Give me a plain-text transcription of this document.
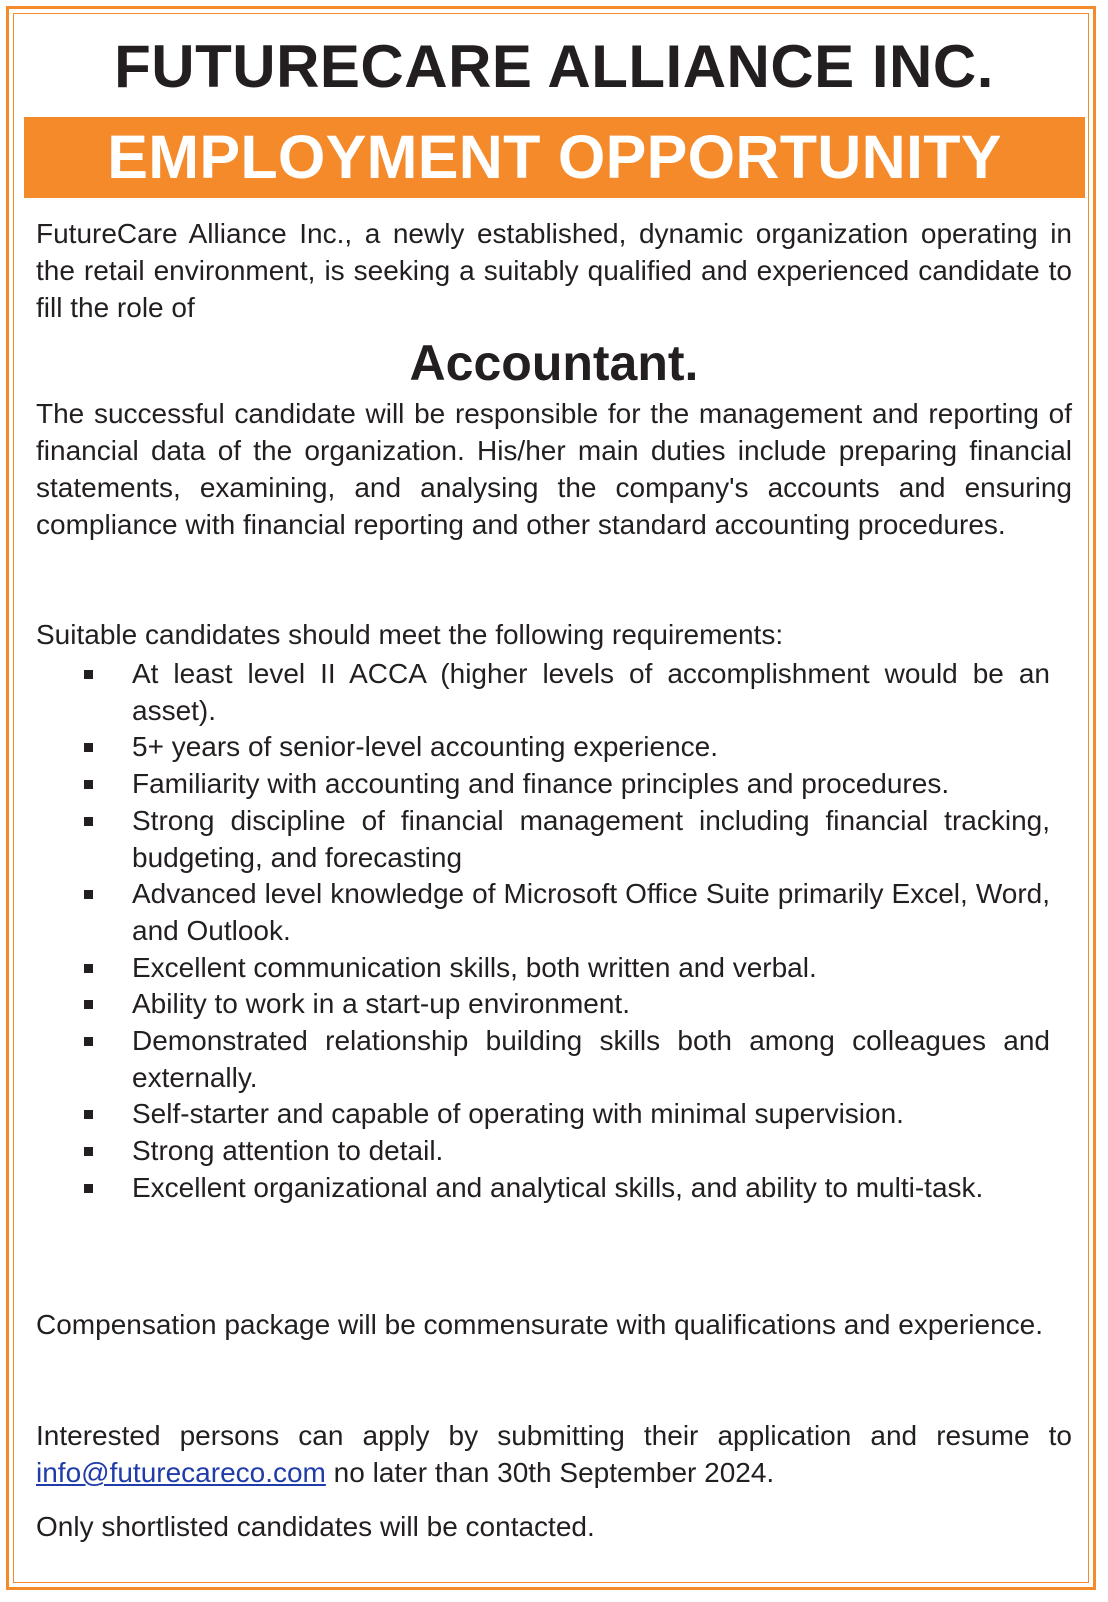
FUTURECARE ALLIANCE INC.
EMPLOYMENT OPPORTUNITY
FutureCare Alliance Inc., a newly established, dynamic organization operating in the retail environment, is seeking a suitably qualified and experienced candidate to fill the role of
Accountant.
The successful candidate will be responsible for the management and reporting of financial data of the organization. His/her main duties include preparing financial statements, examining, and analysing the company's accounts and ensuring compliance with financial reporting and other standard accounting procedures.
Suitable candidates should meet the following requirements:
At least level II ACCA (higher levels of accomplishment would be an asset).
5+ years of senior-level accounting experience.
Familiarity with accounting and finance principles and procedures.
Strong discipline of financial management including financial tracking, budgeting, and forecasting
Advanced level knowledge of Microsoft Office Suite primarily Excel, Word, and Outlook.
Excellent communication skills, both written and verbal.
Ability to work in a start-up environment.
Demonstrated relationship building skills both among colleagues and externally.
Self-starter and capable of operating with minimal supervision.
Strong attention to detail.
Excellent organizational and analytical skills, and ability to multi-task.
Compensation package will be commensurate with qualifications and experience.
Interested persons can apply by submitting their application and resume to info@futurecareco.com no later than 30th September 2024.
Only shortlisted candidates will be contacted.
